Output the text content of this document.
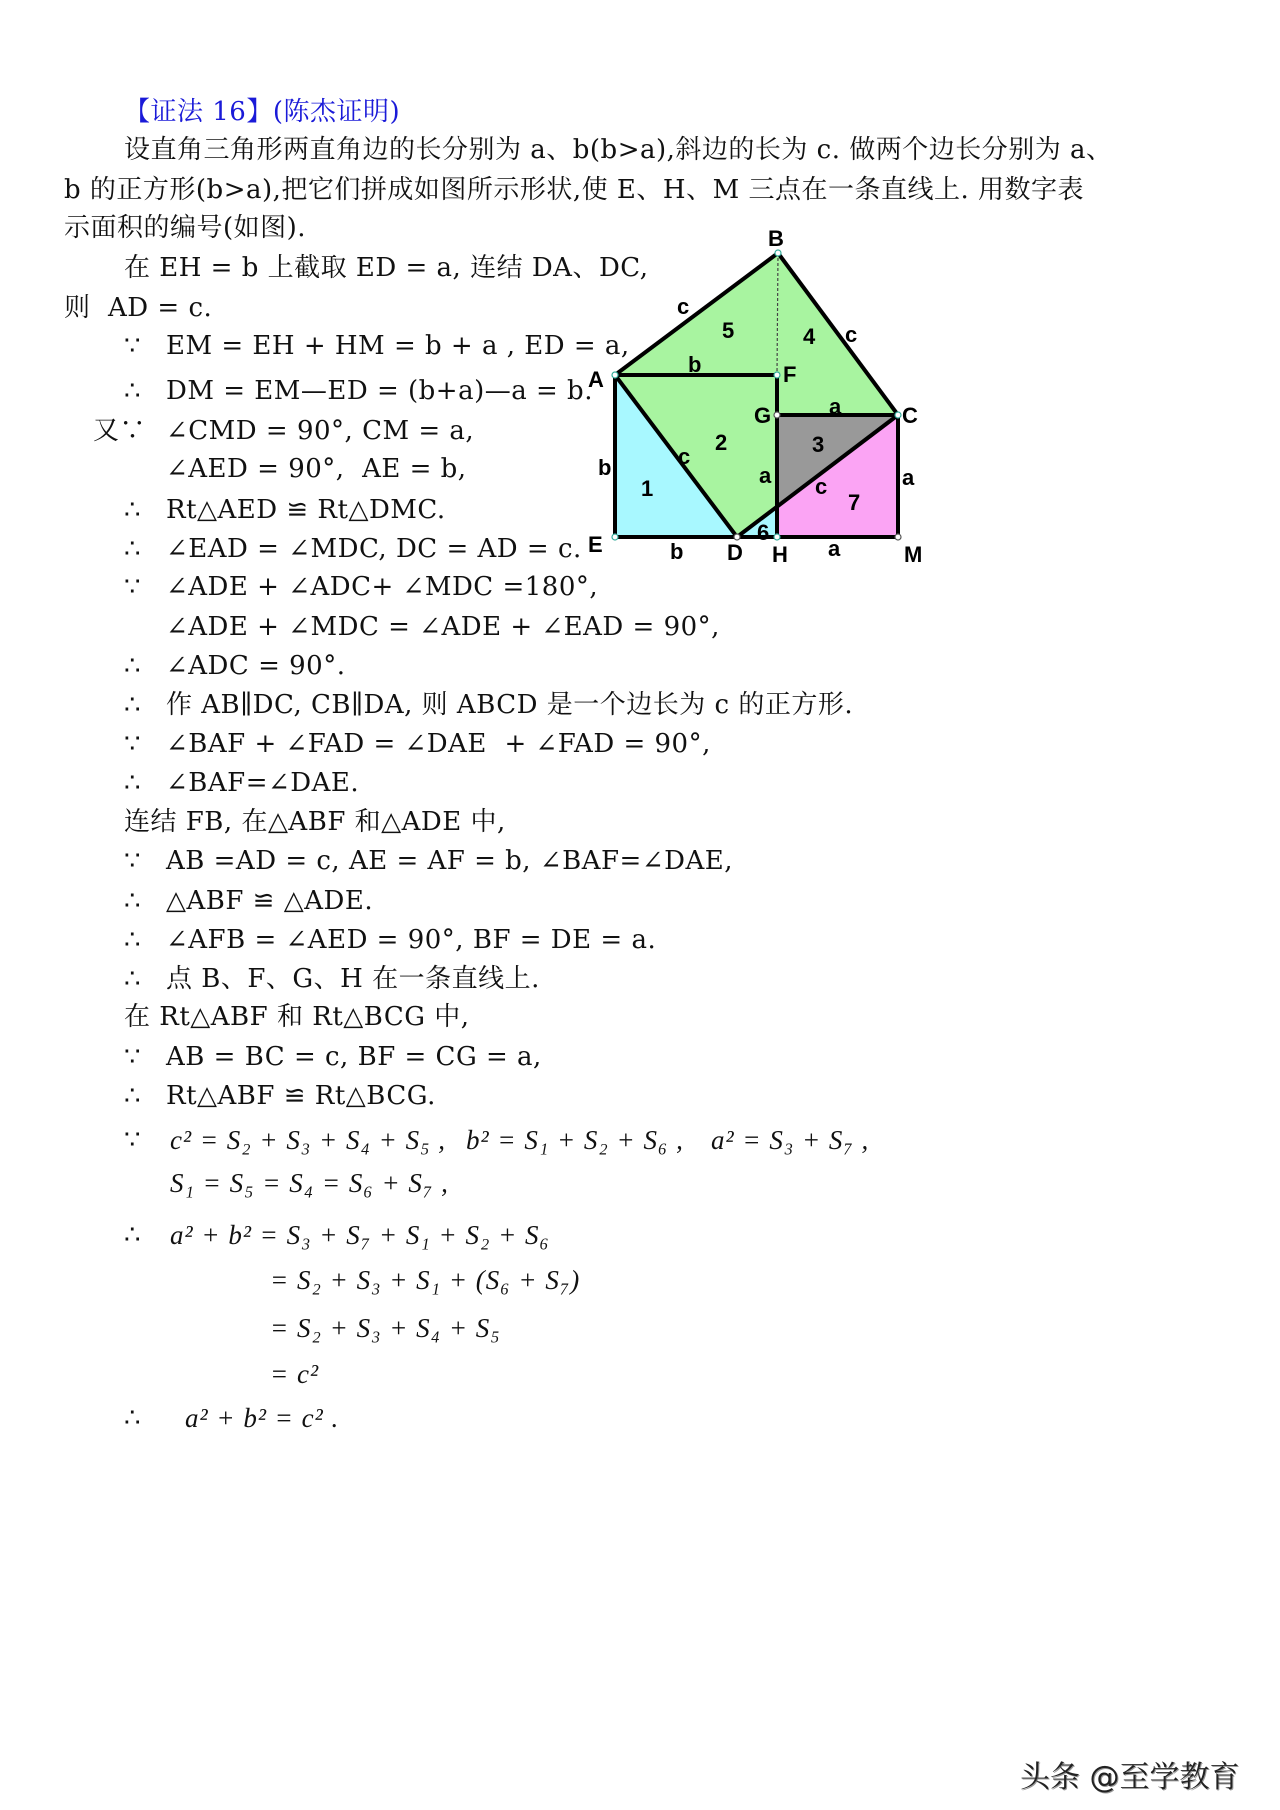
【证法 16】(陈杰证明)
设直角三角形两直角边的长分别为 a、b(b>a),斜边的长为 c. 做两个边长分别为 a、
b 的正方形(b>a),把它们拼成如图所示形状,使 E、H、M 三点在一条直线上. 用数字表
示面积的编号(如图).
在 EH = b 上截取 ED = a, 连结 DA、DC,
则  AD = c.
∵ EM = EH + HM = b + a , ED = a,
∴ DM = EM—ED = (b+a)—a = b.
又∵ ∠CMD = 90°, CM = a,
∠AED = 90°,  AE = b,
∴ Rt△AED ≌ Rt△DMC.
∴ ∠EAD = ∠MDC, DC = AD = c.
∵ ∠ADE + ∠ADC+ ∠MDC =180°,
∠ADE + ∠MDC = ∠ADE + ∠EAD = 90°,
∴ ∠ADC = 90°.
∴ 作 AB∥DC, CB∥DA, 则 ABCD 是一个边长为 c 的正方形.
∵ ∠BAF + ∠FAD = ∠DAE  + ∠FAD = 90°,
∴ ∠BAF=∠DAE.
连结 FB, 在△ABF 和△ADE 中,
∵ AB =AD = c, AE = AF = b, ∠BAF=∠DAE,
∴ △ABF ≌ △ADE.
∴ ∠AFB = ∠AED = 90°, BF = DE = a.
∴ 点 B、F、G、H 在一条直线上.
在 Rt△ABF 和 Rt△BCG 中,
∵ AB = BC = c, BF = CG = a,
∴ Rt△ABF ≌ Rt△BCG.
∵ c² = S₂ + S₃ + S₄ + S₅ , b² = S₁ + S₂ + S₆ , a² = S₃ + S₇ ,
S₁ = S₅ = S₄ = S₆ + S₇ ,
∴ a² + b² = S₃ + S₇ + S₁ + S₂ + S₆
= S₂ + S₃ + S₁ + (S₆ + S₇)
= S₂ + S₃ + S₄ + S₅
= c²
∴ a² + b² = c² .
B
A	F
G	C
E	D H	M
c
c
b
a
b
b
a c	a
a
c
1
2	3
4
5
6
7
头条 @至学教育
